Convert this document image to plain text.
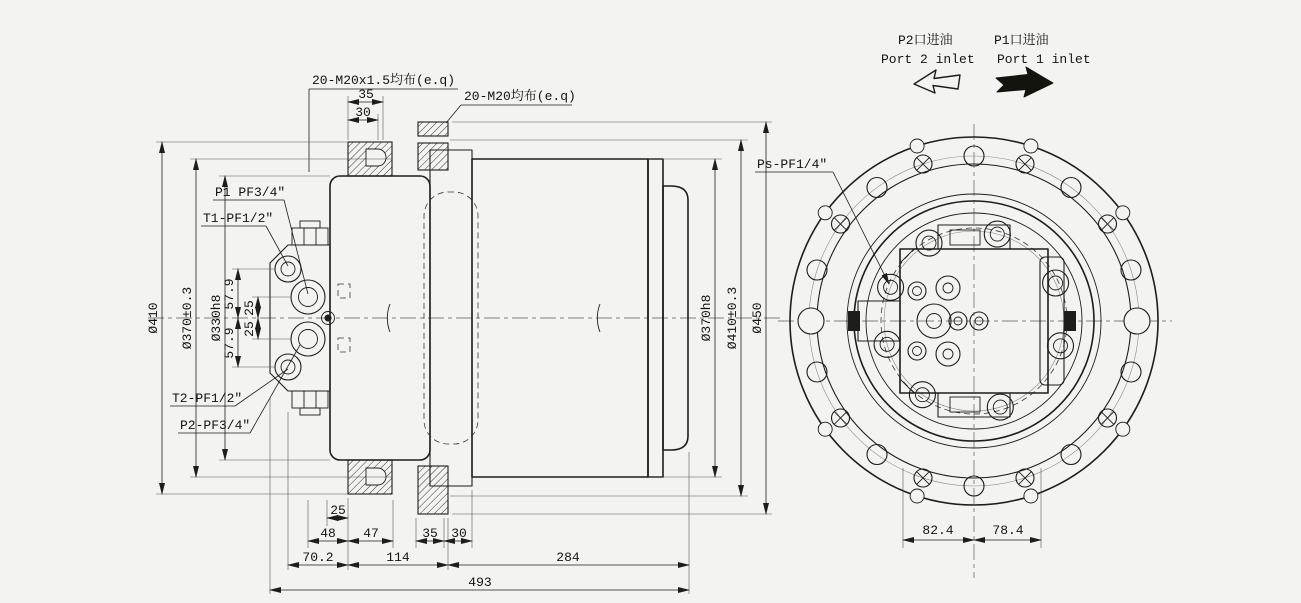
35
30
20-M20x1.5均布(e.q)
20-M20均布(e.q)
P1 PF3/4"
T1-PF1/2"
T2-PF1/2"
P2-PF3/4"
57.9
57.9
25
25
Ø410 Ø370±0.3 Ø330h8	Ø370h8 Ø410±0.3 Ø450
25
48 47	35 30
70.2	114	284
493
Ps-PF1/4"
P2口进油
Port 2 inlet
P1口进油
Port 1 inlet
82.4	78.4
